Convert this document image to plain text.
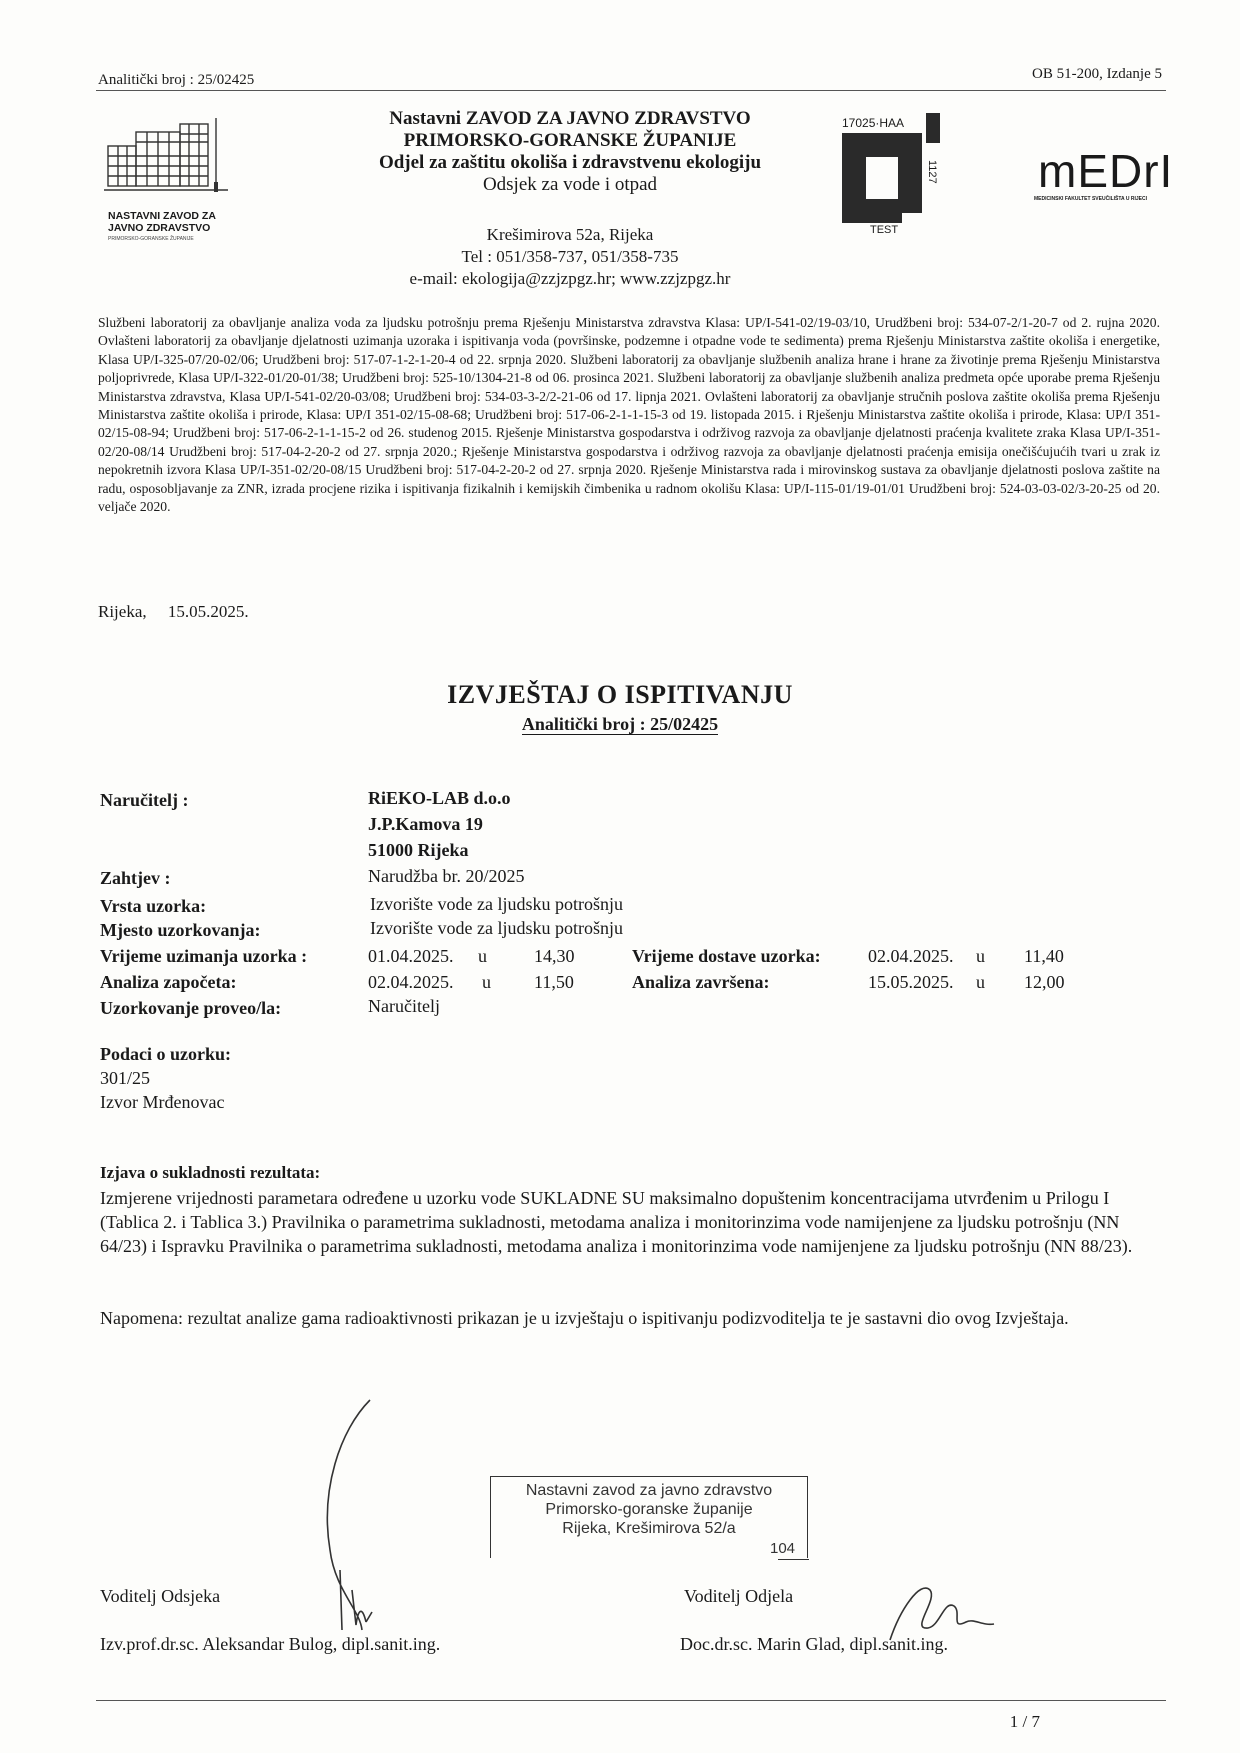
Analitički broj : 25/02425	OB 51-200, Izdanje 5
NASTAVNI ZAVOD ZA
JAVNO ZDRAVSTVO
PRIMORSKO-GORANSKE ŽUPANIJE
Nastavni ZAVOD ZA JAVNO ZDRAVSTVO
PRIMORSKO-GORANSKE ŽUPANIJE
Odjel za zaštitu okoliša i zdravstvenu ekologiju
Odsjek za vode i otpad
Krešimirova 52a, Rijeka
Tel : 051/358-737, 051/358-735
e-mail: ekologija@zzjzpgz.hr; www.zzjzpgz.hr
17025·HAA
1127
TEST
mEDrI
MEDICINSKI FAKULTET SVEUČILIŠTA U RIJECI
Službeni laboratorij za obavljanje analiza voda za ljudsku potrošnju prema Rješenju Ministarstva zdravstva Klasa: UP/I-541-02/19-03/10, Urudžbeni broj: 534-07-2/1-20-7 od 2. rujna 2020. Ovlašteni laboratorij za obavljanje djelatnosti uzimanja uzoraka i ispitivanja voda (površinske, podzemne i otpadne vode te sedimenta) prema Rješenju Ministarstva zaštite okoliša i energetike, Klasa UP/I-325-07/20-02/06; Urudžbeni broj: 517-07-1-2-1-20-4 od 22. srpnja 2020. Službeni laboratorij za obavljanje službenih analiza hrane i hrane za životinje prema Rješenju Ministarstva poljoprivrede, Klasa UP/I-322-01/20-01/38; Urudžbeni broj: 525-10/1304-21-8 od 06. prosinca 2021. Službeni laboratorij za obavljanje službenih analiza predmeta opće uporabe prema Rješenju Ministarstva zdravstva, Klasa UP/I-541-02/20-03/08; Urudžbeni broj: 534-03-3-2/2-21-06 od 17. lipnja 2021. Ovlašteni laboratorij za obavljanje stručnih poslova zaštite okoliša prema Rješenju Ministarstva zaštite okoliša i prirode, Klasa: UP/I 351-02/15-08-68; Urudžbeni broj: 517-06-2-1-1-15-3 od 19. listopada 2015. i Rješenju Ministarstva zaštite okoliša i prirode, Klasa: UP/I 351-02/15-08-94; Urudžbeni broj: 517-06-2-1-1-15-2 od 26. studenog 2015. Rješenje Ministarstva gospodarstva i održivog razvoja za obavljanje djelatnosti praćenja kvalitete zraka Klasa UP/I-351-02/20-08/14 Urudžbeni broj: 517-04-2-20-2 od 27. srpnja 2020.; Rješenje Ministarstva gospodarstva i održivog razvoja za obavljanje djelatnosti praćenja emisija onečišćujućih tvari u zrak iz nepokretnih izvora Klasa UP/I-351-02/20-08/15 Urudžbeni broj: 517-04-2-20-2 od 27. srpnja 2020. Rješenje Ministarstva rada i mirovinskog sustava za obavljanje djelatnosti poslova zaštite na radu, osposobljavanje za ZNR, izrada procjene rizika i ispitivanja fizikalnih i kemijskih čimbenika u radnom okolišu Klasa: UP/I-115-01/19-01/01 Urudžbeni broj: 524-03-03-02/3-20-25 od 20. veljače 2020.
Rijeka,     15.05.2025.
IZVJEŠTAJ O ISPITIVANJU
Analitički broj : 25/02425
Naručitelj :	RiEKO-LAB d.o.o
J.P.Kamova 19
51000 Rijeka
Zahtjev :	Narudžba br. 20/2025
Vrsta uzorka:	Izvorište vode za ljudsku potrošnju
Mjesto uzorkovanja:	Izvorište vode za ljudsku potrošnju
Vrijeme uzimanja uzorka :	01.04.2025. u	14,30	Vrijeme dostave uzorka:	02.04.2025. u 11,40
Analiza započeta:	02.04.2025. u 11,50	Analiza završena:	15.05.2025. u 12,00
Uzorkovanje proveo/la:	Naručitelj
Podaci o uzorku:
301/25
Izvor Mrđenovac
Izjava o sukladnosti rezultata:
Izmjerene vrijednosti parametara određene u uzorku vode SUKLADNE SU maksimalno dopuštenim koncentracijama utvrđenim u Prilogu I (Tablica 2. i Tablica 3.) Pravilnika o parametrima sukladnosti, metodama analiza i monitorinzima vode namijenjene za ljudsku potrošnju (NN 64/23) i Ispravku Pravilnika o parametrima sukladnosti, metodama analiza i monitorinzima vode namijenjene za ljudsku potrošnju (NN 88/23).
Napomena: rezultat analize gama radioaktivnosti prikazan je u izvještaju o ispitivanju podizvoditelja te je sastavni dio ovog Izvještaja.
Nastavni zavod za javno zdravstvo
Primorsko-goranske županije
Rijeka, Krešimirova 52/a
104
Voditelj Odsjeka
Izv.prof.dr.sc. Aleksandar Bulog, dipl.sanit.ing.
Voditelj Odjela
Doc.dr.sc. Marin Glad, dipl.sanit.ing.
1 / 7
